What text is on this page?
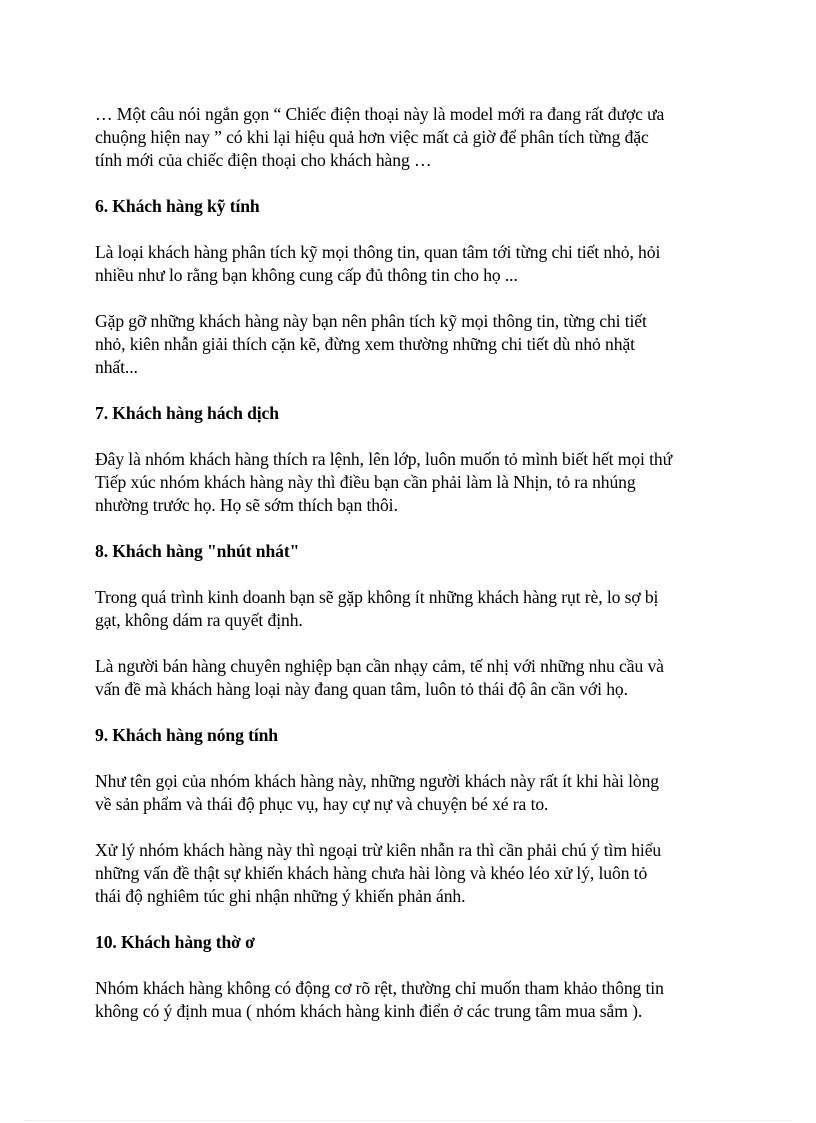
… Một câu nói ngắn gọn “ Chiếc điện thoại này là model mới ra đang rất được ưa
chuộng hiện nay ” có khi lại hiệu quả hơn việc mất cả giờ để phân tích từng đặc
tính mới của chiếc điện thoại cho khách hàng …

6. Khách hàng kỹ tính

Là loại khách hàng phân tích kỹ mọi thông tin, quan tâm tới từng chi tiết nhỏ, hỏi
nhiều như lo rằng bạn không cung cấp đủ thông tin cho họ ...

Gặp gỡ những khách hàng này bạn nên phân tích kỹ mọi thông tin, từng chi tiết
nhỏ, kiên nhẫn giải thích cặn kẽ, đừng xem thường những chi tiết dù nhỏ nhặt
nhất...

7. Khách hàng hách dịch

Đây là nhóm khách hàng thích ra lệnh, lên lớp, luôn muốn tỏ mình biết hết mọi thứ
Tiếp xúc nhóm khách hàng này thì điều bạn cần phải làm là Nhịn, tỏ ra nhúng
nhường trước họ. Họ sẽ sớm thích bạn thôi.

8. Khách hàng "nhút nhát"

Trong quá trình kinh doanh bạn sẽ gặp không ít những khách hàng rụt rè, lo sợ bị
gạt, không dám ra quyết định.

Là người bán hàng chuyên nghiệp bạn cần nhạy cảm, tế nhị với những nhu cầu và
vấn đề mà khách hàng loại này đang quan tâm, luôn tỏ thái độ ân cần với họ.

9. Khách hàng nóng tính

Như tên gọi của nhóm khách hàng này, những người khách này rất ít khi hài lòng
về sản phẩm và thái độ phục vụ, hay cự nự và chuyện bé xé ra to.

Xử lý nhóm khách hàng này thì ngoại trừ kiên nhẫn ra thì cần phải chú ý tìm hiểu
những vấn đề thật sự khiến khách hàng chưa hài lòng và khéo léo xử lý, luôn tỏ
thái độ nghiêm túc ghi nhận những ý khiến phản ánh.

10. Khách hàng thờ ơ

Nhóm khách hàng không có động cơ rõ rệt, thường chỉ muốn tham khảo thông tin
không có ý định mua ( nhóm khách hàng kinh điển ở các trung tâm mua sắm ).
